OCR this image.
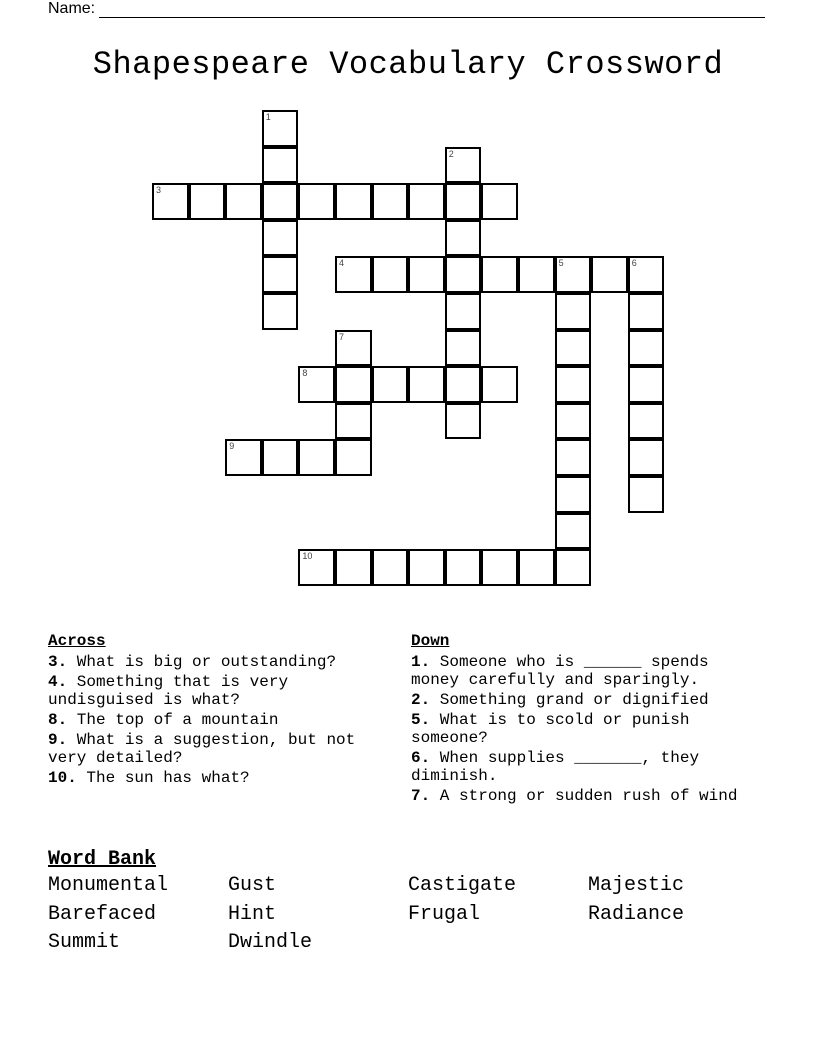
Name:
Shapespeare Vocabulary Crossword
1
2
3
4	5	6
7
8
9
10
Across
3. What is big or outstanding?
4. Something that is very undisguised is what?
8. The top of a mountain
9. What is a suggestion, but not very detailed?
10. The sun has what?
Down
1. Someone who is ______ spends money carefully and sparingly.
2. Something grand or dignified
5. What is to scold or punish someone?
6. When supplies _______, they diminish.
7. A strong or sudden rush of wind
Word Bank
Monumental	Gust	Castigate	Majestic
Barefaced	Hint	Frugal	Radiance
Summit	Dwindle
